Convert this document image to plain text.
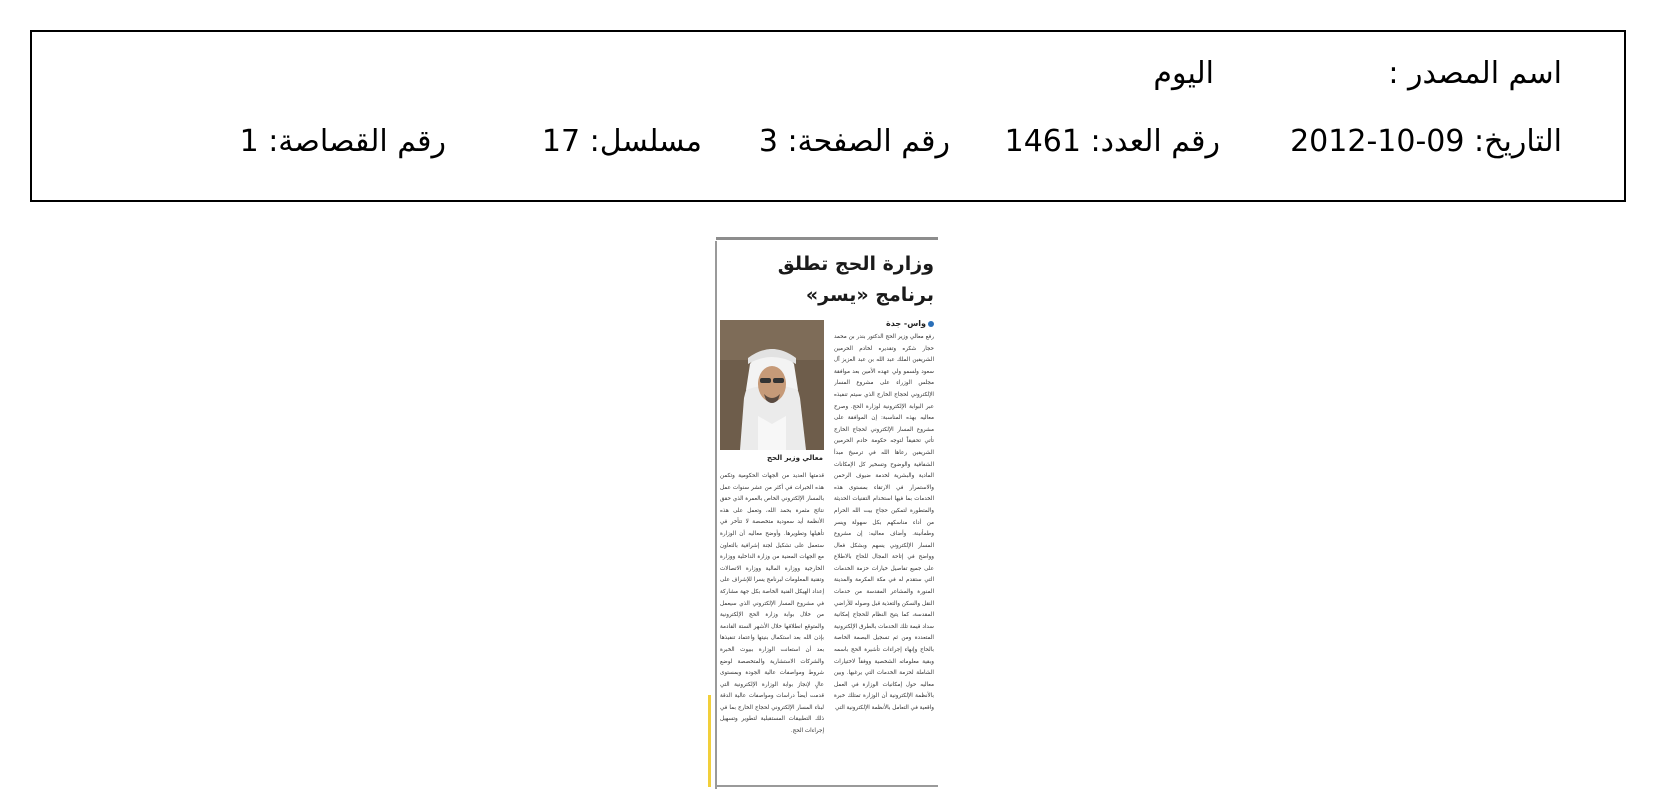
اسم المصدر :
اليوم
التاريخ: 09-10-2012
رقم العدد: 1461
رقم الصفحة: 3
مسلسل: 17
رقم القصاصة: 1
وزارة الحج تطلق برنامج «يسر»
واس- جدة
معالي وزير الحج
رفع معالي وزير الحج الدكتور بندر بن محمد حجار شكره وتقديره لخادم الحرمين الشريفين الملك عبد الله بن عبد العزيز آل سعود ولسمو ولي عهده الأمين بعد موافقة مجلس الوزراء على مشروع المسار الإلكتروني لحجاج الخارج الذي سيتم تنفيذه عبر البوابة الإلكترونية لوزارة الحج. وصرح معاليه بهذه المناسبة: إن الموافقة على مشروع المسار الإلكتروني لحجاج الخارج تأتي تحقيقاً لتوجه حكومة خادم الحرمين الشريفين رعاها الله في ترسيخ مبدأ الشفافية والوضوح وتسخير كل الإمكانات المادية والبشرية لخدمة ضيوف الرحمن والاستمرار في الارتقاء بمستوى هذه الخدمات بما فيها استخدام التقنيات الحديثة والمتطورة لتمكين حجاج بيت الله الحرام من أداء مناسكهم بكل سهولة ويسر وطمأنينة. وأضاف معاليه: إن مشروع المسار الإلكتروني يسهم وبشكل فعال وواضح في إتاحة المجال للحاج بالاطلاع على جميع تفاصيل خيارات حزمة الخدمات التي ستقدم له في مكة المكرمة والمدينة المنورة والمشاعر المقدسة من خدمات النقل والسكن والتغذية قبل وصوله للأراضي المقدسة، كما يتيح النظام للحجاج إمكانية سداد قيمة تلك الخدمات بالطرق الإلكترونية المتعددة ومن ثم تسجيل البصمة الخاصة بالحاج وإنهاء إجراءات تأشيرة الحج باسمه وبقية معلوماته الشخصية ووفقاً لاختيارات الشاملة لحزمة الخدمات التي يرغبها. وبين معاليه حول إمكانيات الوزارة في العمل بالأنظمة الإلكترونية أن الوزارة تمتلك خبرة واقعية في التعامل بالأنظمة الإلكترونية التي
قدمتها العديد من الجهات الحكومية وتكمن هذه الخبرات في أكثر من عشر سنوات عمل بالمسار الإلكتروني الخاص بالعمرة الذي حقق نتائج مثمرة بحمد الله، وتعمل على هذه الأنظمة أيد سعودية متخصصة لا تتأخر في تأهيلها وتطويرها. وأوضح معاليه أن الوزارة ستعمل على تشكيل لجنة إشرافية بالتعاون مع الجهات المعنية من وزارة الداخلية ووزارة الخارجية ووزارة المالية ووزارة الاتصالات وتقنية المعلومات لبرنامج يسرا للإشراف على إعداد الهيكل الفنية الخاصة بكل جهة مشاركة في مشروع المسار الإلكتروني الذي سيعمل من خلال بوابة وزارة الحج الإلكترونية والمتوقع انطلاقها خلال الأشهر الستة القادمة بإذن الله بعد استكمال بنيتها واعتماد تنفيذها بعد أن استعانت الوزارة ببيوت الخبرة والشركات الاستشارية والمتخصصة لوضع شروط ومواصفات عالية الجودة وبمستوى عالٍ لإنجاز بوابة الوزارة الإلكترونية التي قدمت أيضاً دراسات ومواصفات عالية الدقة لبناء المسار الإلكتروني لحجاج الخارج بما في ذلك التطبيقات المستقبلية لتطوير وتسهيل إجراءات الحج.
